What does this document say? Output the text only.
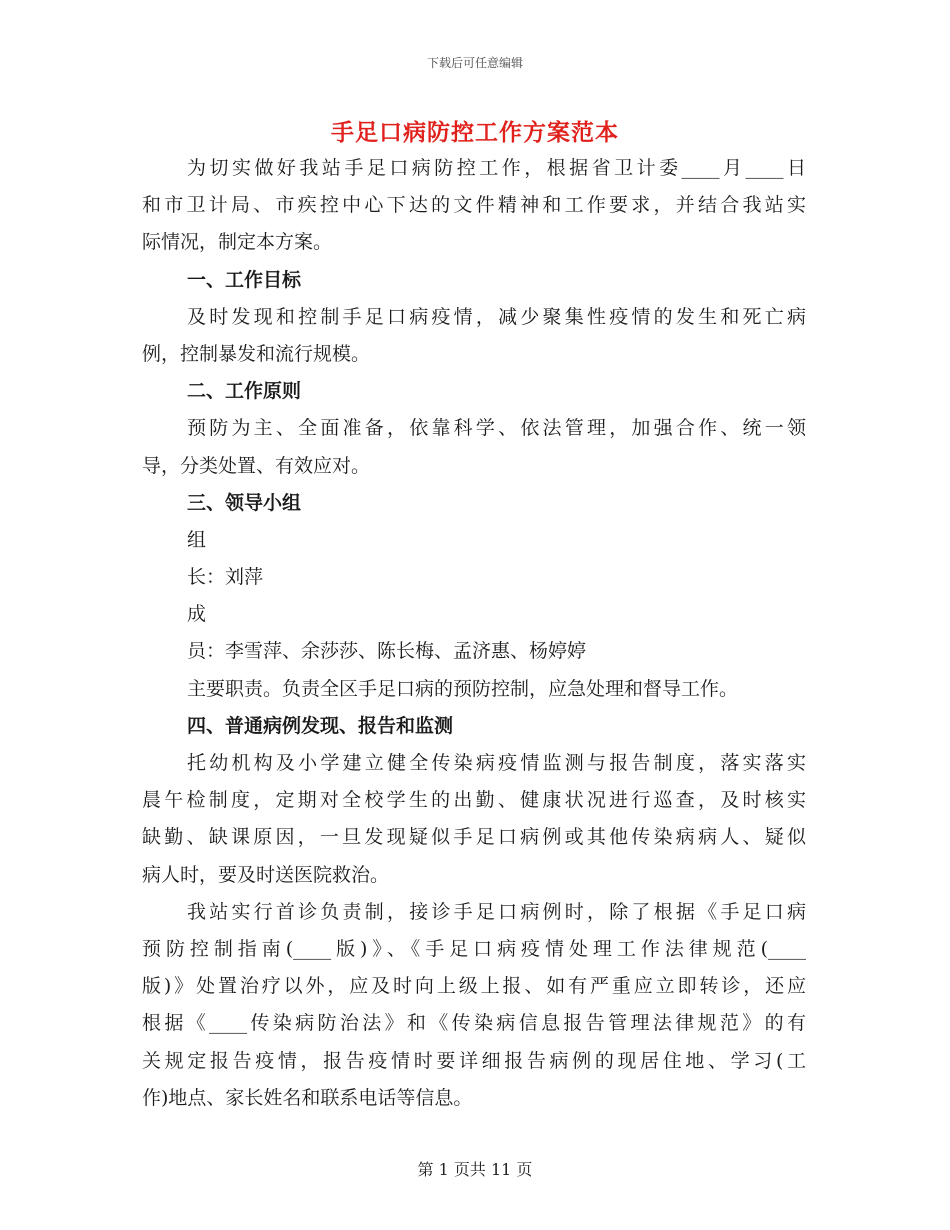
下载后可任意编辑
手足口病防控工作方案范本
为切实做好我站手足口病防控工作，根据省卫计委____月____日
和市卫计局、市疾控中心下达的文件精神和工作要求，并结合我站实
际情况，制定本方案。
一、工作目标
及时发现和控制手足口病疫情，减少聚集性疫情的发生和死亡病
例，控制暴发和流行规模。
二、工作原则
预防为主、全面准备，依靠科学、依法管理，加强合作、统一领
导，分类处置、有效应对。
三、领导小组
组
长：刘萍
成
员：李雪萍、余莎莎、陈长梅、孟济惠、杨婷婷
主要职责。负责全区手足口病的预防控制，应急处理和督导工作。
四、普通病例发现、报告和监测
托幼机构及小学建立健全传染病疫情监测与报告制度，落实落实
晨午检制度，定期对全校学生的出勤、健康状况进行巡查，及时核实
缺勤、缺课原因，一旦发现疑似手足口病例或其他传染病病人、疑似
病人时，要及时送医院救治。
我站实行首诊负责制，接诊手足口病例时，除了根据《手足口病
预防控制指南(____版)》、《手足口病疫情处理工作法律规范(____
版)》处置治疗以外，应及时向上级上报、如有严重应立即转诊，还应
根据《____传染病防治法》和《传染病信息报告管理法律规范》的有
关规定报告疫情，报告疫情时要详细报告病例的现居住地、学习(工
作)地点、家长姓名和联系电话等信息。
第 1 页共 11 页
